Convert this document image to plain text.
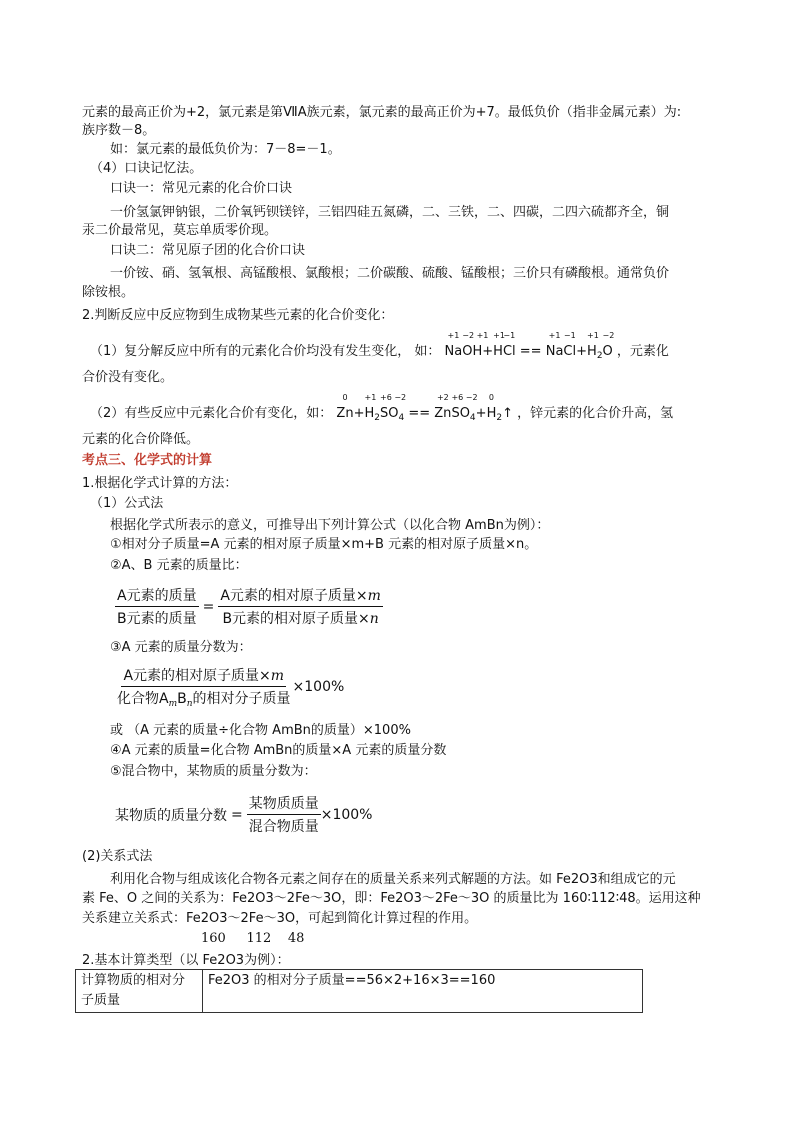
元素的最高正价为+2，氯元素是第ⅦA族元素，氯元素的最高正价为+7。最低负价（指非金属元素）为:
族序数－8。
如：氯元素的最低负价为：7－8=－1。
（4）口诀记忆法。
口诀一：常见元素的化合价口诀
一价氢氯钾钠银，二价氧钙钡镁锌，三铝四硅五氮磷，二、三铁，二、四碳，二四六硫都齐全，铜
汞二价最常见，莫忘单质零价现。
口诀二：常见原子团的化合价口诀
一价铵、硝、氢氧根、高锰酸根、氯酸根；二价碳酸、硫酸、锰酸根；三价只有磷酸根。通常负价
除铵根。
2.判断反应中反应物到生成物某些元素的化合价变化：
（1）复分解反应中所有的元素化合价均没有发生变化， 如： Na
+1
OH
−2 +1
+H
+1
Cl
−1
== Na
+1
Cl
−1
+H
+1
$_2$O
−2
，元素化
合价没有变化。
（2）有些反应中元素化合价有变化，如： Zn
0
+H
+1
$_2$SO
+6 −2
$_4$ == Zn
+2
SO
+6 −2
$_4$+H
0
$_2$↑ ，锌元素的化合价升高，氢
元素的化合价降低。
考点三、化学式的计算
1.根据化学式计算的方法：
（1）公式法
根据化学式所表示的意义，可推导出下列计算公式（以化合物 AmBn为例）：
①相对分子质量=A 元素的相对原子质量×m+B 元素的相对原子质量×n。
②A、B 元素的质量比：
$\frac{\text{A元素的质量}}{\text{B元素的质量}} = \frac{\text{A元素的相对原子质量×m}}{\text{B元素的相对原子质量×n}}$
③A 元素的质量分数为：
$\frac{\text{A元素的相对原子质量×m}}{化合物A_mB_n的相对分子质量} \times 100\%$
或 （A 元素的质量÷化合物 AmBn的质量）×100%
④A 元素的质量=化合物 AmBn的质量×A 元素的质量分数
⑤混合物中，某物质的质量分数为：
某物质的质量分数 = $\frac{\text{某物质质量}}{\text{混合物质量}} \times 100\%$
(2)关系式法
利用化合物与组成该化合物各元素之间存在的质量关系来列式解题的方法。如 Fe2O3和组成它的元
素 Fe、O 之间的关系为：Fe2O3～2Fe～3O，即：Fe2O3～2Fe～3O 的质量比为 160∶112∶48。运用这种
关系建立关系式：Fe2O3～2Fe～3O，可起到简化计算过程的作用。
160     112    48
2.基本计算类型（以 Fe2O3为例）：
计算物质的相对分
子质量
	Fe2O3 的相对分子质量==56×2+16×3==160
